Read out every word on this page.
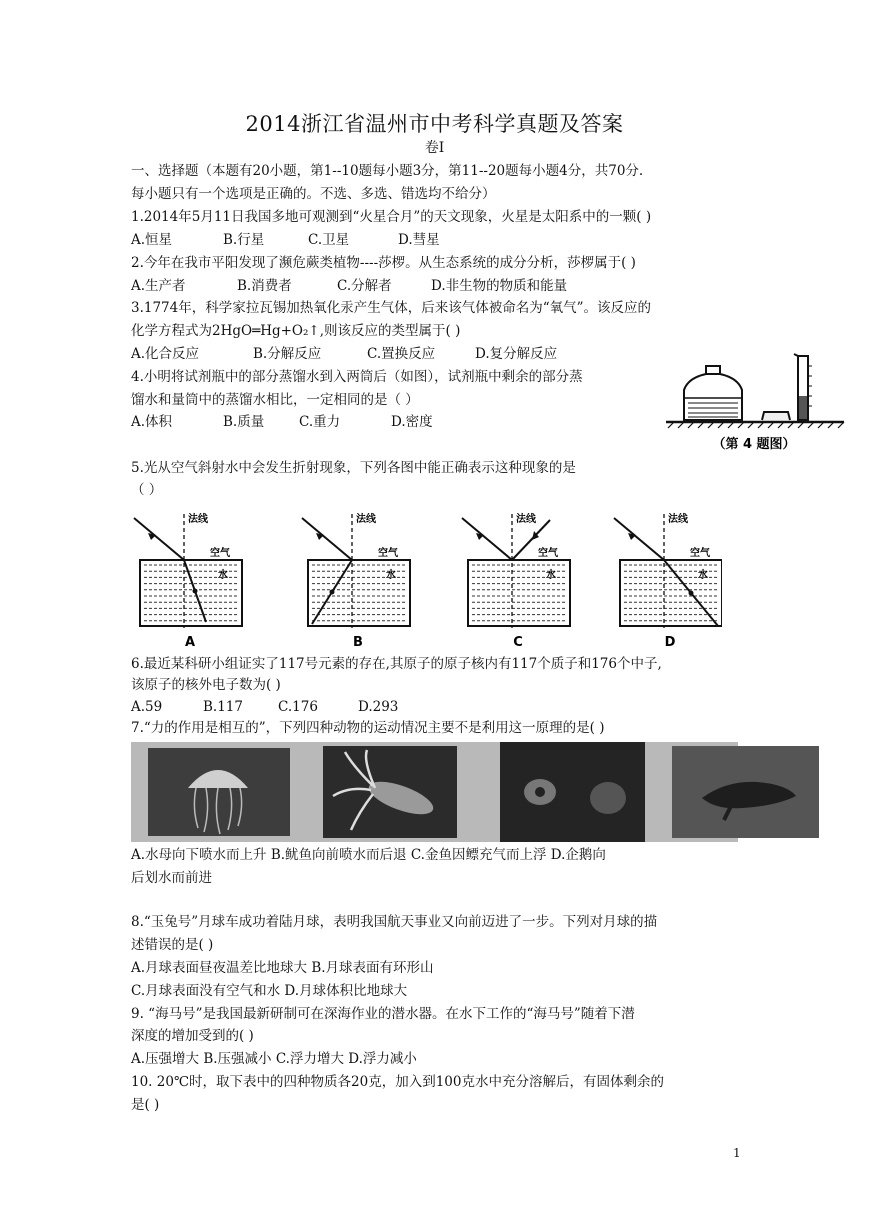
2014浙江省温州市中考科学真题及答案
卷Ⅰ
一、选择题（本题有20小题，第1--10题每小题3分，第11--20题每小题4分，共70分.
每小题只有一个选项是正确的。不选、多选、错选均不给分）
1.2014年5月11日我国多地可观测到“火星合月”的天文现象，火星是太阳系中的一颗( )
A.恒星	B.行星	C.卫星	D.彗星
2.今年在我市平阳发现了濒危蕨类植物----莎椤。从生态系统的成分分析，莎椤属于( )
A.生产者	B.消费者	C.分解者	D.非生物的物质和能量
3.1774年，科学家拉瓦锡加热氧化汞产生气体，后来该气体被命名为“氧气”。该反应的
化学方程式为2HgO═Hg+O₂↑,则该反应的类型属于( )
A.化合反应	B.分解反应	C.置换反应	D.复分解反应
4.小明将试剂瓶中的部分蒸馏水到入两筒后（如图），试剂瓶中剩余的部分蒸
馏水和量筒中的蒸馏水相比，一定相同的是（ ）
A.体积	B.质量	C.重力	D.密度
（第 4 题图）
5.光从空气斜射水中会发生折射现象，下列各图中能正确表示这种现象的是
（ ）
法线
空气
水
A
法线
空气
水
B
法线
空气
水
C
法线
空气
水
D
6.最近某科研小组证实了117号元素的存在,其原子的原子核内有117个质子和176个中子,
该原子的核外电子数为( )
A.59	B.117	C.176	D.293
7.“力的作用是相互的”，下列四种动物的运动情况主要不是利用这一原理的是( )
A.水母向下喷水而上升 B.鱿鱼向前喷水而后退 C.金鱼因鳔充气而上浮 D.企鹅向
后划水而前进
8.“玉兔号”月球车成功着陆月球，表明我国航天事业又向前迈进了一步。下列对月球的描
述错误的是( )
A.月球表面昼夜温差比地球大 B.月球表面有环形山
C.月球表面没有空气和水 D.月球体积比地球大
9. “海马号”是我国最新研制可在深海作业的潜水器。在水下工作的“海马号”随着下潜
深度的增加受到的( )
A.压强增大 B.压强减小 C.浮力增大 D.浮力减小
10. 20℃时，取下表中的四种物质各20克，加入到100克水中充分溶解后，有固体剩余的
是( )
1
